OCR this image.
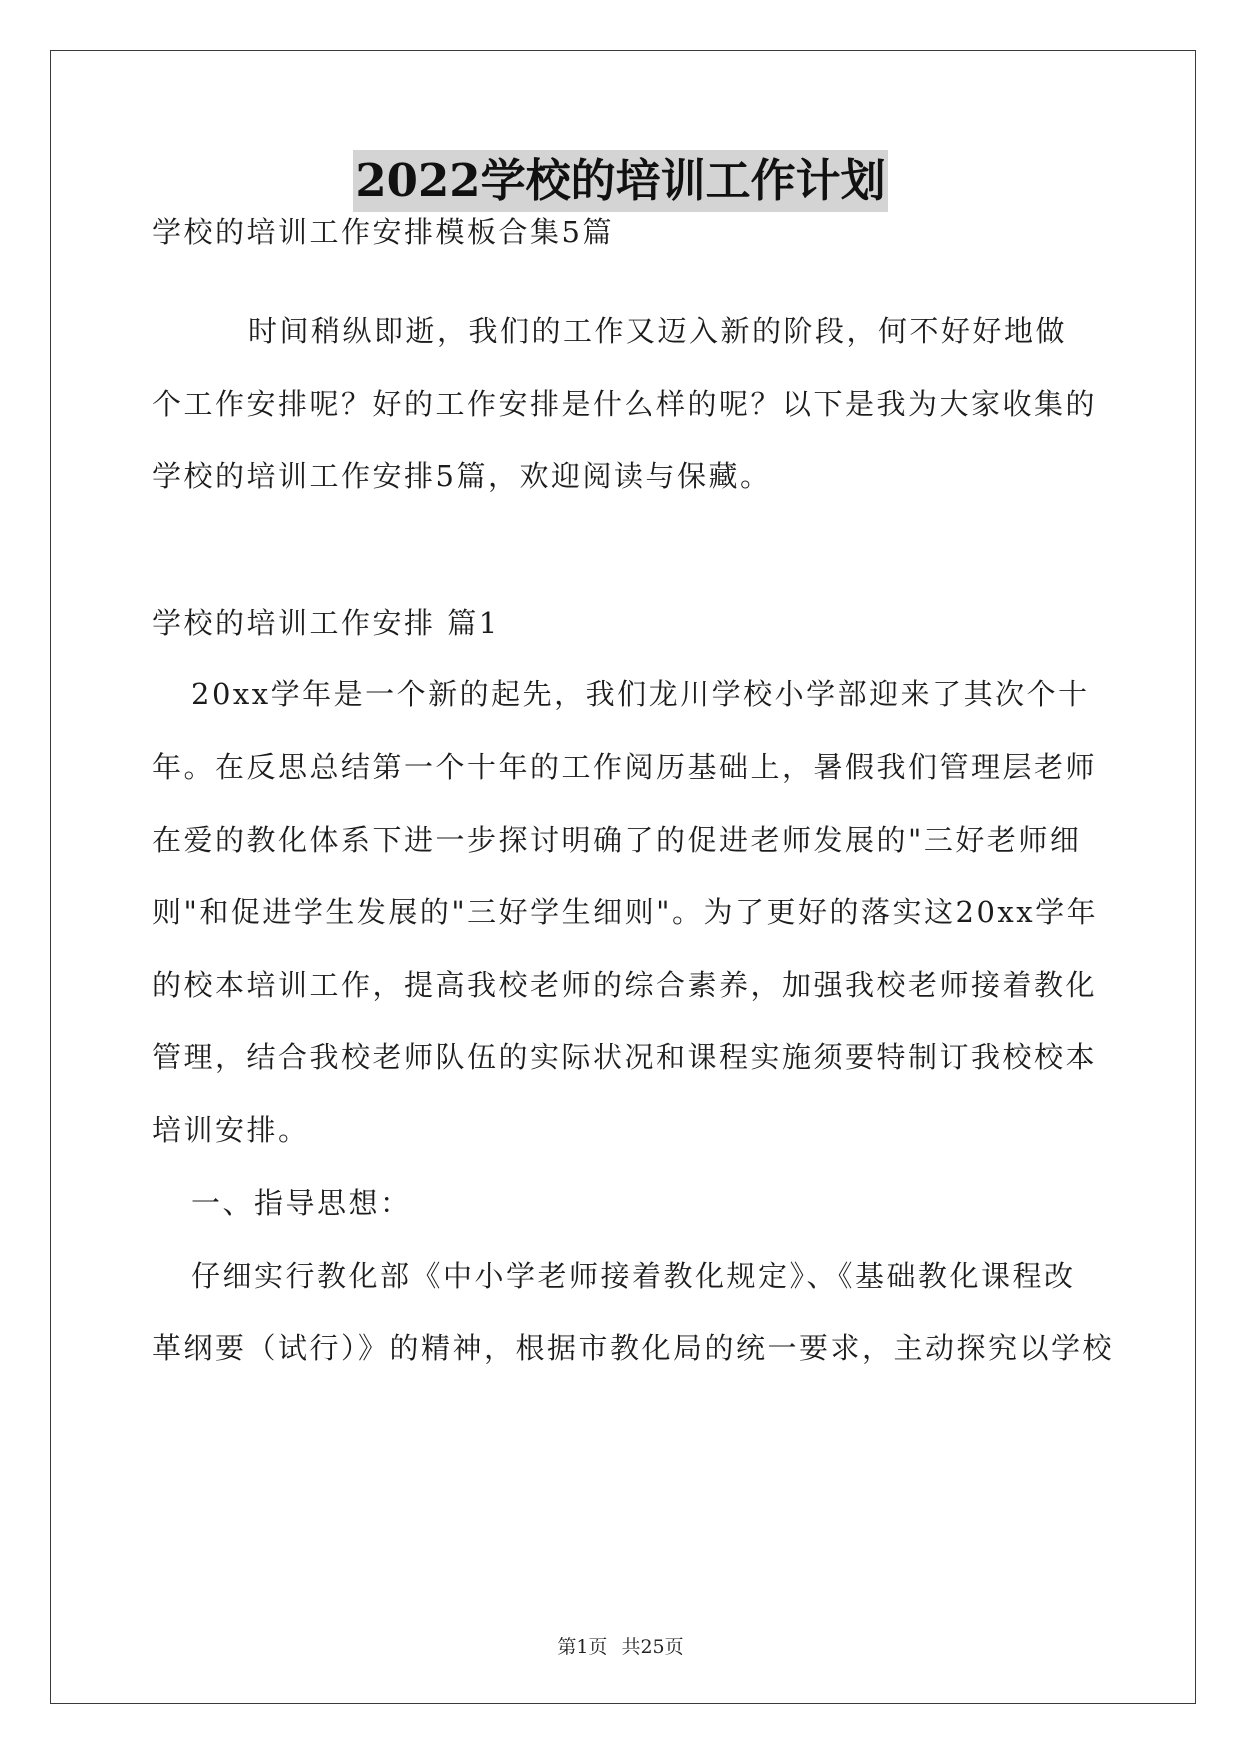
2022学校的培训工作计划
学校的培训工作安排模板合集5篇
时间稍纵即逝，我们的工作又迈入新的阶段，何不好好地做
个工作安排呢？好的工作安排是什么样的呢？以下是我为大家收集的
学校的培训工作安排5篇，欢迎阅读与保藏。
学校的培训工作安排 篇1
20xx学年是一个新的起先，我们龙川学校小学部迎来了其次个十
年。在反思总结第一个十年的工作阅历基础上，暑假我们管理层老师
在爱的教化体系下进一步探讨明确了的促进老师发展的"三好老师细
则"和促进学生发展的"三好学生细则"。为了更好的落实这20xx学年
的校本培训工作，提高我校老师的综合素养，加强我校老师接着教化
管理，结合我校老师队伍的实际状况和课程实施须要特制订我校校本
培训安排。
一、指导思想：
仔细实行教化部《中小学老师接着教化规定》、《基础教化课程改
革纲要（试行）》的精神，根据市教化局的统一要求，主动探究以学校
第1页 共25页
